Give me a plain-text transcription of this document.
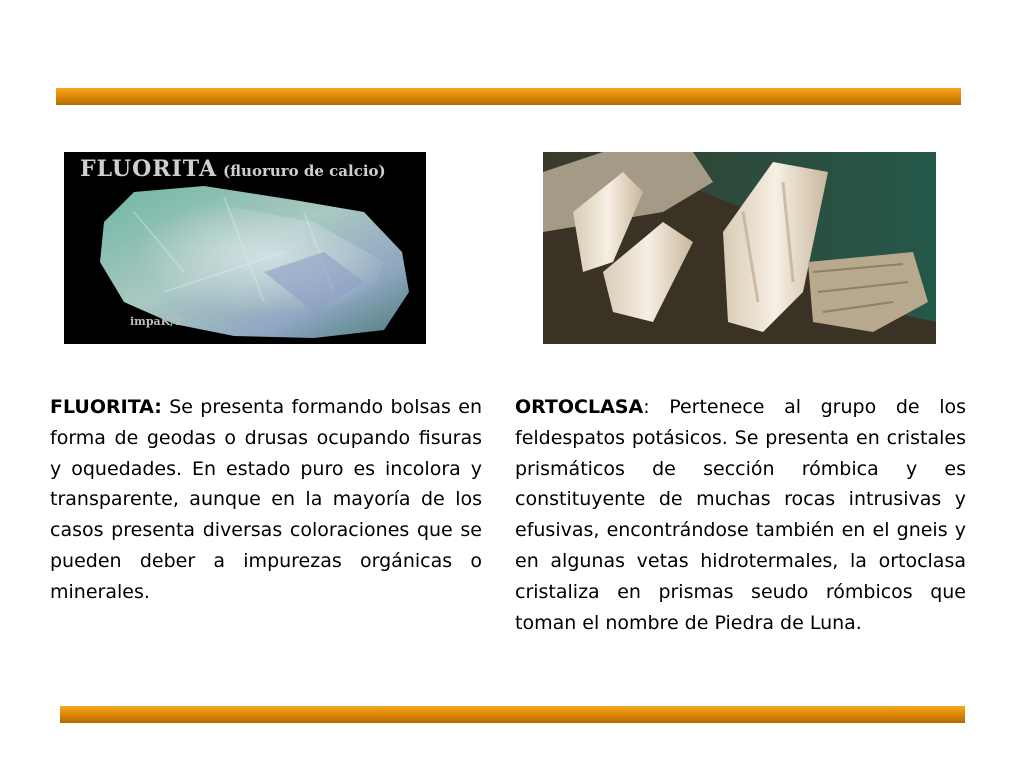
FLUORITA (fluoruro de calcio)
impaK/T
FLUORITA: Se presenta formando bolsas en forma de geodas o drusas ocupando fisuras y oquedades. En estado puro es incolora y transparente, aunque en la mayoría de los casos presenta diversas coloraciones que se pueden deber a impurezas orgánicas o minerales.
ORTOCLASA: Pertenece al grupo de los feldespatos potásicos. Se presenta en cristales prismáticos de sección rómbica y es constituyente de muchas rocas intrusivas y efusivas, encontrándose también en el gneis y en algunas vetas hidrotermales, la ortoclasa cristaliza en prismas seudo rómbicos que toman el nombre de Piedra de Luna.
